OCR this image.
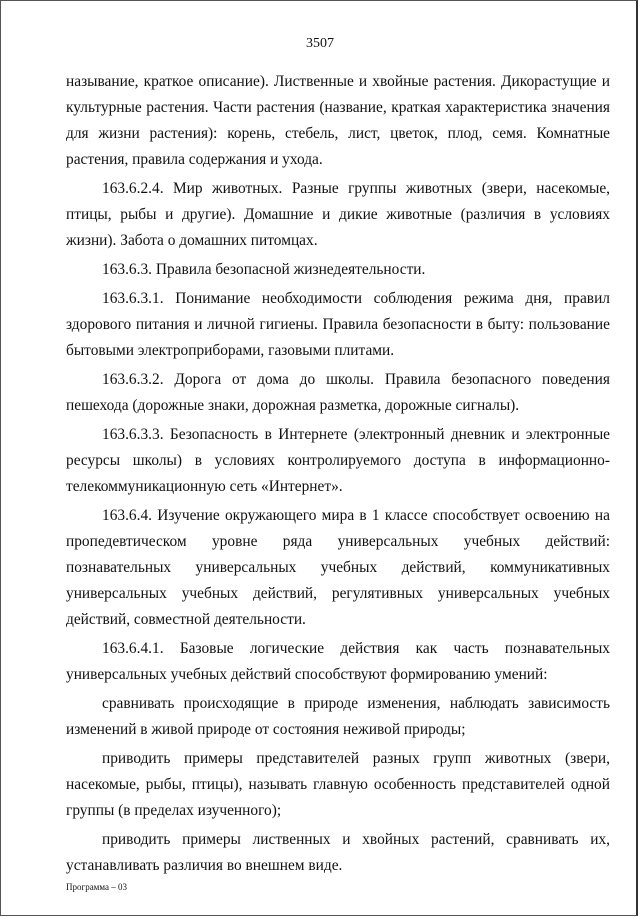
3507

называние, краткое описание). Лиственные и хвойные растения. Дикорастущие и культурные растения. Части растения (название, краткая характеристика значения для жизни растения): корень, стебель, лист, цветок, плод, семя. Комнатные растения, правила содержания и ухода.

163.6.2.4. Мир животных. Разные группы животных (звери, насекомые, птицы, рыбы и другие). Домашние и дикие животные (различия в условиях жизни). Забота о домашних питомцах.

163.6.3. Правила безопасной жизнедеятельности.

163.6.3.1. Понимание необходимости соблюдения режима дня, правил здорового питания и личной гигиены. Правила безопасности в быту: пользование бытовыми электроприборами, газовыми плитами.

163.6.3.2. Дорога от дома до школы. Правила безопасного поведения пешехода (дорожные знаки, дорожная разметка, дорожные сигналы).

163.6.3.3. Безопасность в Интернете (электронный дневник и электронные ресурсы школы) в условиях контролируемого доступа в информационно-телекоммуникационную сеть «Интернет».

163.6.4. Изучение окружающего мира в 1 классе способствует освоению на пропедевтическом уровне ряда универсальных учебных действий: познавательных универсальных учебных действий, коммуникативных универсальных учебных действий, регулятивных универсальных учебных действий, совместной деятельности.

163.6.4.1. Базовые логические действия как часть познавательных универсальных учебных действий способствуют формированию умений:

сравнивать происходящие в природе изменения, наблюдать зависимость изменений в живой природе от состояния неживой природы;

приводить примеры представителей разных групп животных (звери, насекомые, рыбы, птицы), называть главную особенность представителей одной группы (в пределах изученного);

приводить примеры лиственных и хвойных растений, сравнивать их, устанавливать различия во внешнем виде.

Программа – 03
